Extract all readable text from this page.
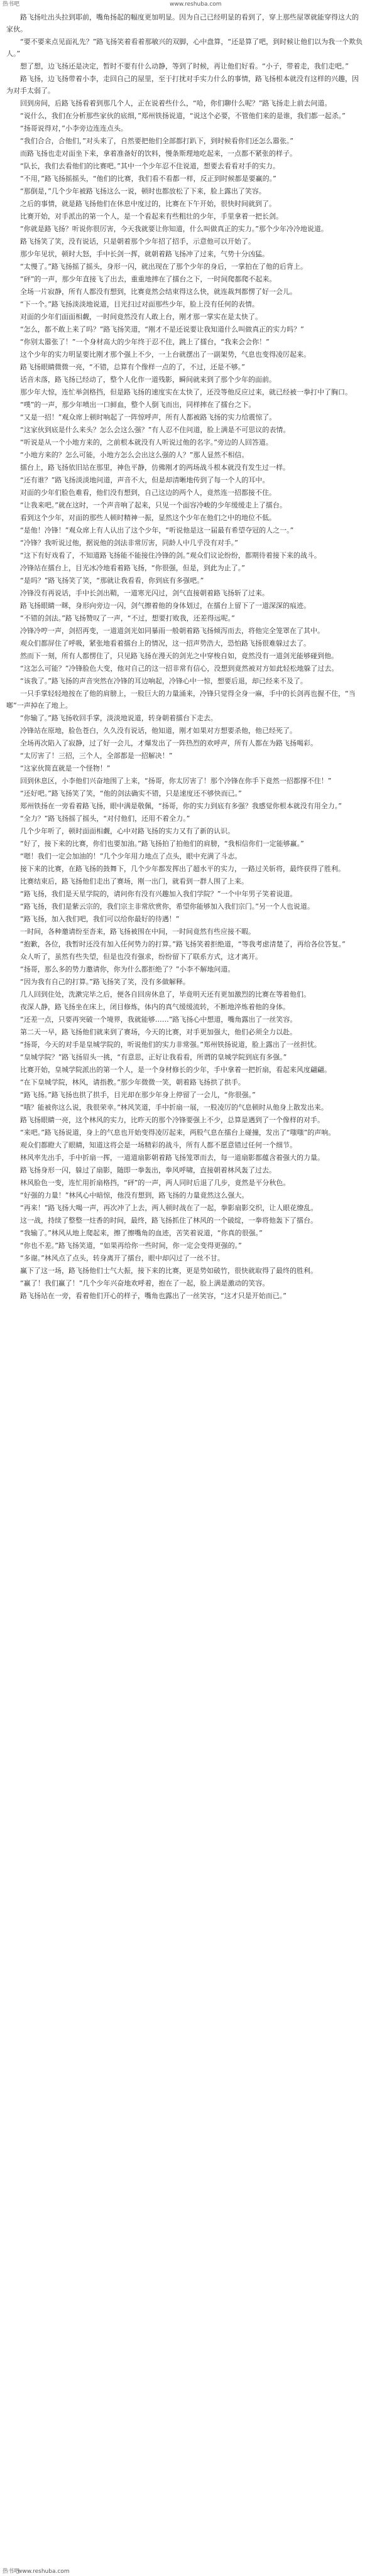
热书吧	www.reshuba.com

路飞扬吐出头拉到耶前，嘴角扬起的幅度更加明显。因为自己已经明显的看到了，穿上那些屋罩就能穿得这大的家伙。

“要不要来点见面礼先？”路飞扬笑着看着那敏兴的双脚，心中盘算，“还是算了吧，到时候让他们以为我一个欺负人。”

想了想，边飞扬还是决定，暂时不要有什么动静，等到了时候，再让他们好看。“小子，带着走，我们走吧。”

路飞扬，边飞扬带着小李，走回自己的屋里，至于打扰对手实力什么的事情，路飞扬根本就没有这样的兴趣，因为对手太弱了。

回到房间，后路飞扬看着到那几个人，正在说着些什么，“哈，你们聊什么呢？”路飞扬走上前去问道。

“说什么，我们在分析那些家伙的底细，”郑州铁扬说道，“说这个必要，不管他们来的是谁，我们都一起杀。”

“扬哥说得对，”小李旁边连连点头。

“我们合合，合他们，”对头来了，自然要把他们全部都打趴下，到时候看你们还怎么嚣张。”

而路飞扬也走对面坐下来，拿着准备好的饮料，慢条斯理地吃起来，一点都不紧张的样子。

“队长，我们去看他们的比赛吧。”其中一个少年忍不住说道，想要去看看对手的实力。

“不用，”路飞扬摇摇头，“他们的比赛，我们看不看都一样，反正到时候都是要赢的。”

“那倒是，”几个少年被路飞扬这么一说，顿时也都放松了下来，脸上露出了笑容。

之后的事情，就是路飞扬他们在休息中度过的，比赛在下午开始，很快时间就到了。

比赛开始，对手派出的第一个人，是一个看起来有些粗壮的少年，手里拿着一把长剑。

“你就是路飞扬？听说你很厉害，今天我就要让你知道，什么叫做真正的实力。”那个少年冷冷地说道。

路飞扬笑了笑，没有说话，只是朝着那个少年招了招手，示意他可以开始了。

那少年见状，顿时大怒，手中长剑一挥，就朝着路飞扬冲了过来，气势十分凶猛。

“太慢了。”路飞扬摇了摇头，身形一闪，就出现在了那个少年的身后，一掌拍在了他的后背上。

“砰”的一声，那少年直接飞了出去，重重地摔在了擂台之下，一时间爬都爬不起来。

全场一片寂静，所有人都没有想到，比赛竟然会结束得这么快，就连裁判都愣了好一会儿。

“下一个。”路飞扬淡淡地说道，目光扫过对面那些少年，脸上没有任何的表情。

对面的少年们面面相觑，一时间竟然没有人敢上台，刚才那一掌实在是太快了。

“怎么，都不敢上来了吗？”路飞扬笑道，“刚才不是还说要让我知道什么叫做真正的实力吗？”

“你别太嚣张了！”一个身材高大的少年终于忍不住，跳上了擂台，“我来会会你！”

这个少年的实力明显要比刚才那个强上不少，一上台就摆出了一副架势，气息也变得凌厉起来。

路飞扬眼睛微微一亮，“不错，总算有个像样一点的了，不过，还是不够。”

话音未落，路飞扬已经动了，整个人化作一道残影，瞬间就来到了那个少年的面前。

那少年大惊，连忙举剑格挡，但是路飞扬的速度实在太快了，还没等他反应过来，就已经被一拳打中了胸口。

“噗”的一声，那少年喷出一口鲜血，整个人倒飞而出，同样摔在了擂台之下。

“又是一招！”观众席上顿时响起了一阵惊呼声，所有人都被路飞扬的实力给震惊了。

“这家伙到底是什么来头？怎么会这么强？”有人忍不住问道，脸上满是不可思议的表情。

“听说是从一个小地方来的，之前根本就没有人听说过他的名字。”旁边的人回答道。

“小地方来的？怎么可能，小地方怎么会出这么强的人？”那人显然不相信。

擂台上，路飞扬依旧站在那里，神色平静，仿佛刚才的两场战斗根本就没有发生过一样。

“还有谁？”路飞扬淡淡地问道，声音不大，但是却清晰地传到了每一个人的耳中。

对面的少年们脸色难看，他们没有想到，自己这边的两个人，竟然连一招都接不住。

“让我来吧。”就在这时，一个声音响了起来，只见一个面容冷峻的少年缓缓走上了擂台。

看到这个少年，对面的那些人顿时精神一振，显然这个少年在他们之中的地位不低。

“是他！冷锋！”观众席上有人认出了这个少年，“听说他是这一届最有希望夺冠的人之一。”

“冷锋？我听说过他，据说他的剑法非常厉害，同龄人中几乎没有对手。”

“这下有好戏看了，不知道路飞扬能不能接住冷锋的剑。”观众们议论纷纷，都期待着接下来的战斗。

冷锋站在擂台上，目光冰冷地看着路飞扬，“你很强，但是，到此为止了。”

“是吗？”路飞扬笑了笑，“那就让我看看，你到底有多强吧。”

冷锋没有再说话，手中长剑出鞘，一道寒光闪过，剑气直接朝着路飞扬斩了过来。

路飞扬眼睛一眯，身形向旁边一闪，剑气擦着他的身体划过，在擂台上留下了一道深深的痕迹。

“不错的剑法。”路飞扬赞叹了一声，“不过，想要打败我，还差得远呢。”

冷锋冷哼一声，剑招再变，一道道剑光如同暴雨一般朝着路飞扬倾泻而去，将他完全笼罩在了其中。

观众们都屏住了呼吸，紧张地看着擂台上的情况，这一招声势浩大，恐怕路飞扬很难躲过去了。

然而下一刻，所有人都愣住了，只见路飞扬在漫天的剑光之中穿梭自如，竟然没有一道剑光能够碰到他。

“这怎么可能？”冷锋脸色大变，他对自己的这一招非常有信心，没想到竟然被对方如此轻松地躲了过去。

“该我了。”路飞扬的声音突然在冷锋的耳边响起，冷锋心中一惊，想要后退，却已经来不及了。

一只手掌轻轻地按在了他的肩膀上，一股巨大的力量涌来，冷锋只觉得全身一麻，手中的长剑再也握不住，“当啷”一声掉在了地上。

“你输了。”路飞扬收回手掌，淡淡地说道，转身朝着擂台下走去。

冷锋站在原地，脸色苍白，久久没有说话，他知道，刚才如果对方想要杀他，他已经死了。

全场再次陷入了寂静，过了好一会儿，才爆发出了一阵热烈的欢呼声，所有人都在为路飞扬喝彩。

“太厉害了！三招，三个人，全部都是一招解决！”

“这家伙简直就是一个怪物！”

回到休息区，小李他们兴奋地围了上来，“扬哥，你太厉害了！那个冷锋在你手下竟然一招都撑不住！”

“还好吧。”路飞扬笑了笑，“他的剑法确实不错，只是速度还不够快而已。”

郑州铁扬在一旁看着路飞扬，眼中满是敬佩，“扬哥，你的实力到底有多强？我感觉你根本就没有用全力。”

“全力？”路飞扬摇了摇头，“对付他们，还用不着全力。”

几个少年听了，顿时面面相觑，心中对路飞扬的实力又有了新的认识。

“好了，接下来的比赛，你们也要加油。”路飞扬拍了拍他们的肩膀，“我相信你们一定能够赢。”

“嗯！我们一定会加油的！”几个少年用力地点了点头，眼中充满了斗志。

接下来的比赛，在路飞扬的鼓舞下，几个少年都发挥出了超水平的实力，一路过关斩将，最终获得了胜利。

比赛结束后，路飞扬他们走出了赛场，刚一出门，就看到一群人围了上来。

“路飞扬，我们是天星学院的，请问你有没有兴趣加入我们学院？”一个中年男子笑着说道。

“路飞扬，我们是紫云宗的，我们宗主非常欣赏你，希望你能够加入我们宗门。”另一个人也说道。

“路飞扬，加入我们吧，我们可以给你最好的待遇！”

一时间，各种邀请纷至沓来，路飞扬被围在中间，一时间竟然有些应接不暇。

“抱歉，各位，我暂时还没有加入任何势力的打算。”路飞扬笑着拒绝道，“等我考虑清楚了，再给各位答复。”

众人听了，虽然有些失望，但是也没有强求，纷纷留下了联系方式，这才离开。

“扬哥，那么多的势力邀请你，你为什么都拒绝了？”小李不解地问道。

“因为我有自己的打算。”路飞扬笑了笑，没有多做解释。

几人回到住处，洗漱完毕之后，便各自回房休息了，毕竟明天还有更加激烈的比赛在等着他们。

夜深人静，路飞扬坐在床上，闭目修炼，体内的真气缓缓流转，不断地淬炼着他的身体。

“还差一点，只要再突破一个境界，我就能够……”路飞扬心中想道，嘴角露出了一丝笑容。

第二天一早，路飞扬他们就来到了赛场，今天的比赛，对手更加强大，他们必须全力以赴。

“扬哥，今天的对手是皇城学院的，听说他们的实力非常强。”郑州铁扬说道，脸上露出了一丝担忧。

“皇城学院？”路飞扬眉头一挑，“有意思，正好让我看看，所谓的皇城学院到底有多强。”

比赛开始，皇城学院派出的第一个人，是一个身材修长的少年，手中拿着一把折扇，看起来风度翩翩。

“在下皇城学院，林风，请指教。”那少年微微一笑，朝着路飞扬拱了拱手。

“路飞扬。”路飞扬也拱了拱手，目光却在那少年身上停留了一会儿，“你很强。”

“哦？能被你这么说，我很荣幸。”林风笑道，手中折扇一展，一股凌厉的气息顿时从他身上散发出来。

路飞扬眼睛一亮，这个林风的实力，比昨天的那个冷锋要强上不少，总算是遇到了一个像样的对手。

“来吧。”路飞扬说道，身上的气息也开始变得凌厉起来，两股气息在擂台上碰撞，发出了“嗤嗤”的声响。

观众们都瞪大了眼睛，知道这将会是一场精彩的战斗，所有人都不愿意错过任何一个细节。

林风率先出手，手中折扇一挥，一道道扇影朝着路飞扬笼罩而去，每一道扇影都蕴含着强大的力量。

路飞扬身形一闪，躲过了扇影，随即一拳轰出，拳风呼啸，直接朝着林风轰了过去。

林风脸色一变，连忙用折扇格挡，“砰”的一声，两人同时后退了几步，竟然是平分秋色。

“好强的力量！”林风心中暗惊，他没有想到，路飞扬的力量竟然这么强大。

“再来！”路飞扬大喝一声，再次冲了上去，两人顿时战在了一起，拳影扇影交织，让人眼花缭乱。

这一战，持续了整整一炷香的时间，最终，路飞扬抓住了林风的一个破绽，一拳将他轰下了擂台。

“我输了。”林风从地上爬起来，擦了擦嘴角的血迹，苦笑着说道，“你真的很强。”

“你也不差。”路飞扬笑道，“如果再给你一些时间，你一定会变得更强的。”

“多谢。”林风点了点头，转身离开了擂台，眼中却闪过了一丝不甘。

赢下了这一场，路飞扬他们士气大振，接下来的比赛，更是势如破竹，很快就取得了最终的胜利。

“赢了！我们赢了！”几个少年兴奋地欢呼着，抱在了一起，脸上满是激动的笑容。

路飞扬站在一旁，看着他们开心的样子，嘴角也露出了一丝笑容，“这才只是开始而已。”

热书吧
www.reshuba.com
